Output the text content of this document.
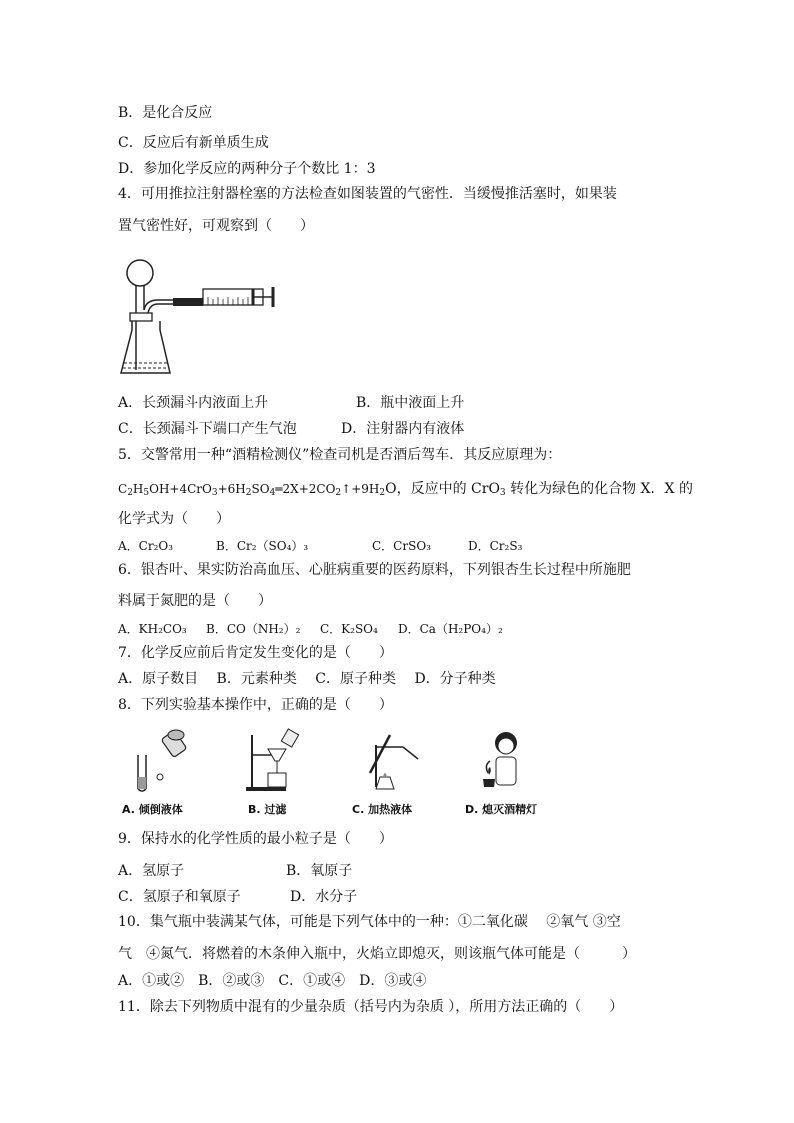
B．是化合反应
C．反应后有新单质生成
D．参加化学反应的两种分子个数比 1：3
4．可用推拉注射器栓塞的方法检查如图装置的气密性．当缓慢推活塞时，如果装
置气密性好，可观察到（　　）
A．长颈漏斗内液面上升	B．瓶中液面上升
C．长颈漏斗下端口产生气泡	D．注射器内有液体
5．交警常用一种“酒精检测仪”检查司机是否酒后驾车．其反应原理为：
$C_2H_5OH+4CrO_3+6H_2SO_4═2X+2CO_2↑+9H_2O$，反应中的 CrO$_3$ 转化为绿色的化合物 X．X 的
化学式为（　　）
A．Cr₂O₃	B．Cr₂（SO₄）₃	C．CrSO₃	D．Cr₂S₃
6．银杏叶、果实防治高血压、心脏病重要的医药原料，下列银杏生长过程中所施肥
料属于氮肥的是（　　）
A．KH₂CO₃ B．CO（NH₂）₂ C．K₂SO₄ D．Ca（H₂PO₄）₂
7．化学反应前后肯定发生变化的是（　　）
A．原子数目　 B．元素种类　 C．原子种类　 D．分子种类
8．下列实验基本操作中，正确的是（　　）
A. 倾倒液体	B. 过滤	C. 加热液体	D. 熄灭酒精灯
9．保持水的化学性质的最小粒子是（　　）
A．氢原子	B．氧原子
C．氢原子和氧原子	D．水分子
10．集气瓶中装满某气体，可能是下列气体中的一种：①二氧化碳　 ②氧气 ③空
气　④氮气．将燃着的木条伸入瓶中，火焰立即熄灭，则该瓶气体可能是（　　　）
A．①或②　B．②或③　C．①或④　D．③或④
11．除去下列物质中混有的少量杂质（括号内为杂质 ），所用方法正确的（　　）
